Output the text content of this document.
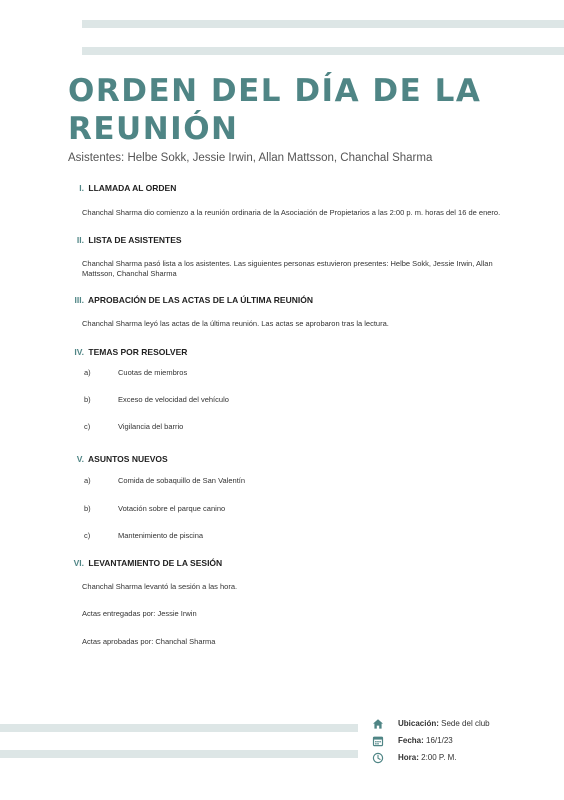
ORDEN DEL DÍA DE LA REUNIÓN
Asistentes: Helbe Sokk, Jessie Irwin, Allan Mattsson, Chanchal Sharma
I. LLAMADA AL ORDEN
Chanchal Sharma dio comienzo a la reunión ordinaria de la Asociación de Propietarios a las 2:00 p. m. horas del 16 de enero.
II. LISTA DE ASISTENTES
Chanchal Sharma pasó lista a los asistentes. Las siguientes personas estuvieron presentes: Helbe Sokk, Jessie Irwin, Allan Mattsson, Chanchal Sharma
III. APROBACIÓN DE LAS ACTAS DE LA ÚLTIMA REUNIÓN
Chanchal Sharma leyó las actas de la última reunión. Las actas se aprobaron tras la lectura.
IV. TEMAS POR RESOLVER
a)	Cuotas de miembros
b)	Exceso de velocidad del vehículo
c)	Vigilancia del barrio
V. ASUNTOS NUEVOS
a)	Comida de sobaquillo de San Valentín
b)	Votación sobre el parque canino
c)	Mantenimiento de piscina
VI. LEVANTAMIENTO DE LA SESIÓN
Chanchal Sharma levantó la sesión a las hora.
Actas entregadas por: Jessie Irwin
Actas aprobadas por: Chanchal Sharma
Ubicación: Sede del club
Fecha: 16/1/23
Hora: 2:00 P. M.
